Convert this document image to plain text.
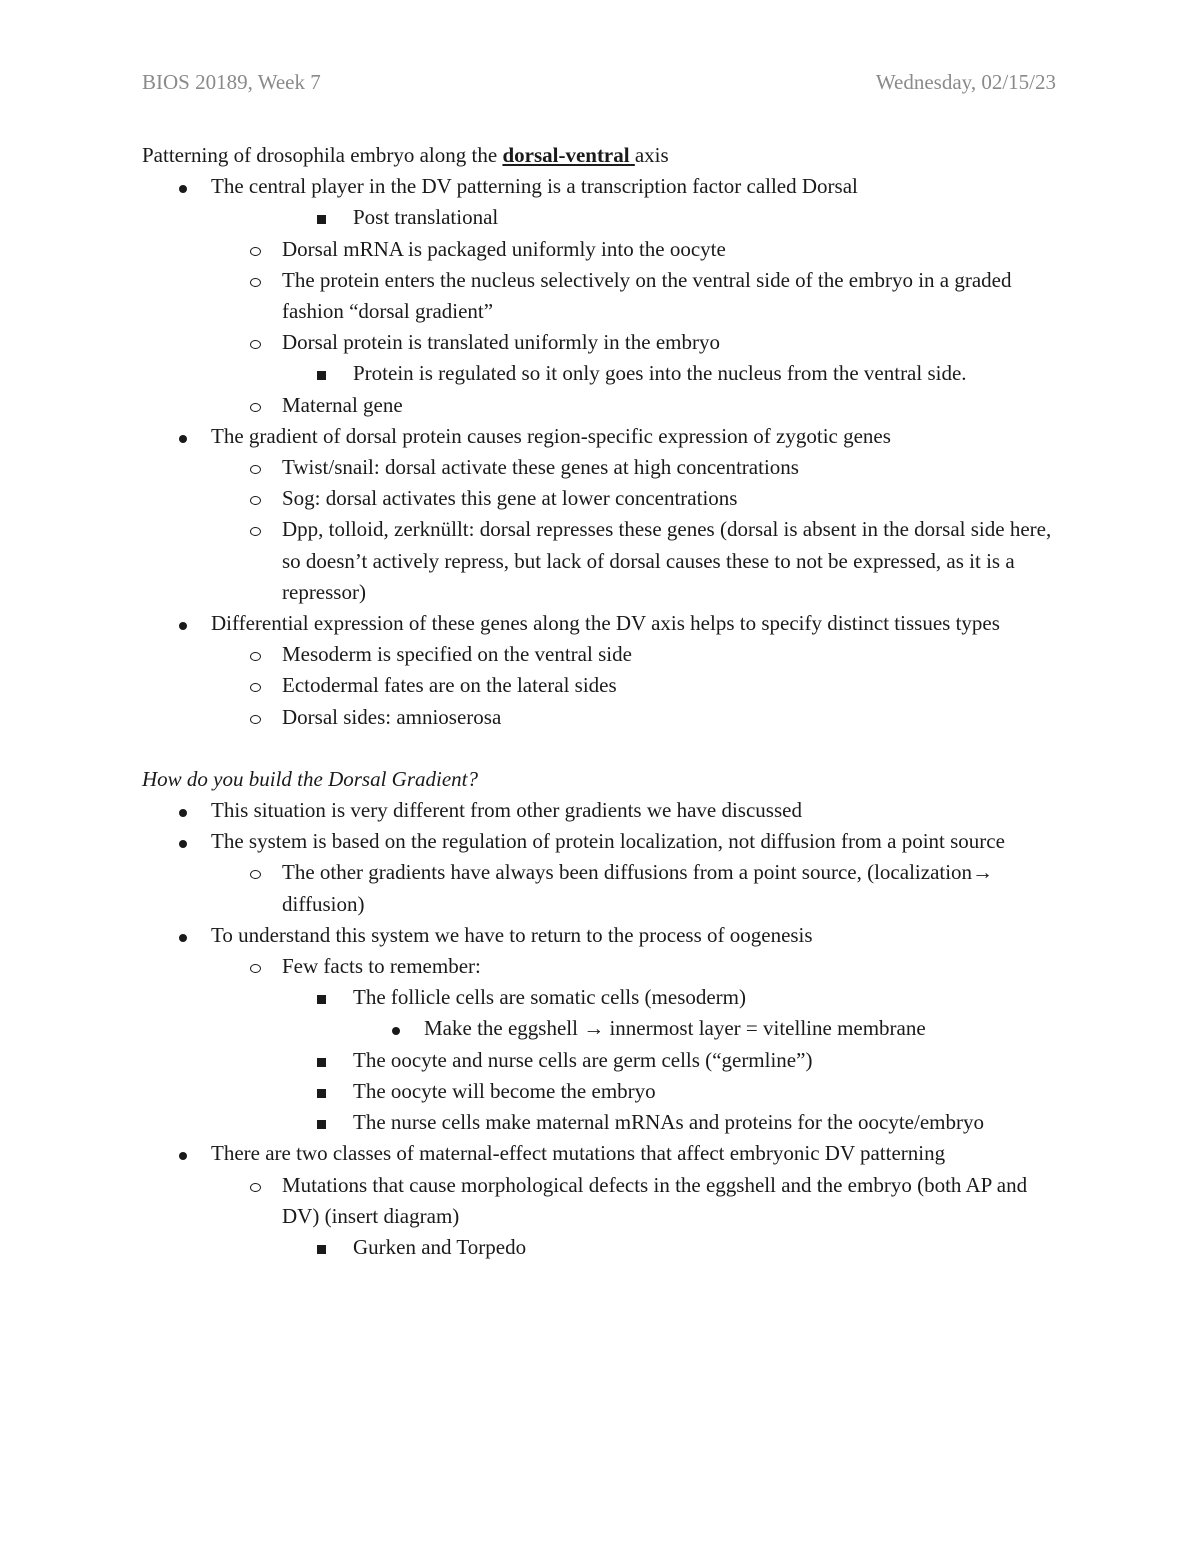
BIOS 20189, Week 7	Wednesday, 02/15/23
Patterning of drosophila embryo along the dorsal-ventral axis
The central player in the DV patterning is a transcription factor called Dorsal
Post translational
Dorsal mRNA is packaged uniformly into the oocyte
The protein enters the nucleus selectively on the ventral side of the embryo in a graded fashion “dorsal gradient”
Dorsal protein is translated uniformly in the embryo
Protein is regulated so it only goes into the nucleus from the ventral side.
Maternal gene
The gradient of dorsal protein causes region-specific expression of zygotic genes
Twist/snail: dorsal activate these genes at high concentrations
Sog: dorsal activates this gene at lower concentrations
Dpp, tolloid, zerknüllt: dorsal represses these genes (dorsal is absent in the dorsal side here, so doesn’t actively repress, but lack of dorsal causes these to not be expressed, as it is a repressor)
Differential expression of these genes along the DV axis helps to specify distinct tissues types
Mesoderm is specified on the ventral side
Ectodermal fates are on the lateral sides
Dorsal sides: amnioserosa
How do you build the Dorsal Gradient?
This situation is very different from other gradients we have discussed
The system is based on the regulation of protein localization, not diffusion from a point source
The other gradients have always been diffusions from a point source, (localization→ diffusion)
To understand this system we have to return to the process of oogenesis
Few facts to remember:
The follicle cells are somatic cells (mesoderm)
Make the eggshell → innermost layer = vitelline membrane
The oocyte and nurse cells are germ cells (“germline”)
The oocyte will become the embryo
The nurse cells make maternal mRNAs and proteins for the oocyte/embryo
There are two classes of maternal-effect mutations that affect embryonic DV patterning
Mutations that cause morphological defects in the eggshell and the embryo (both AP and DV) (insert diagram)
Gurken and Torpedo
